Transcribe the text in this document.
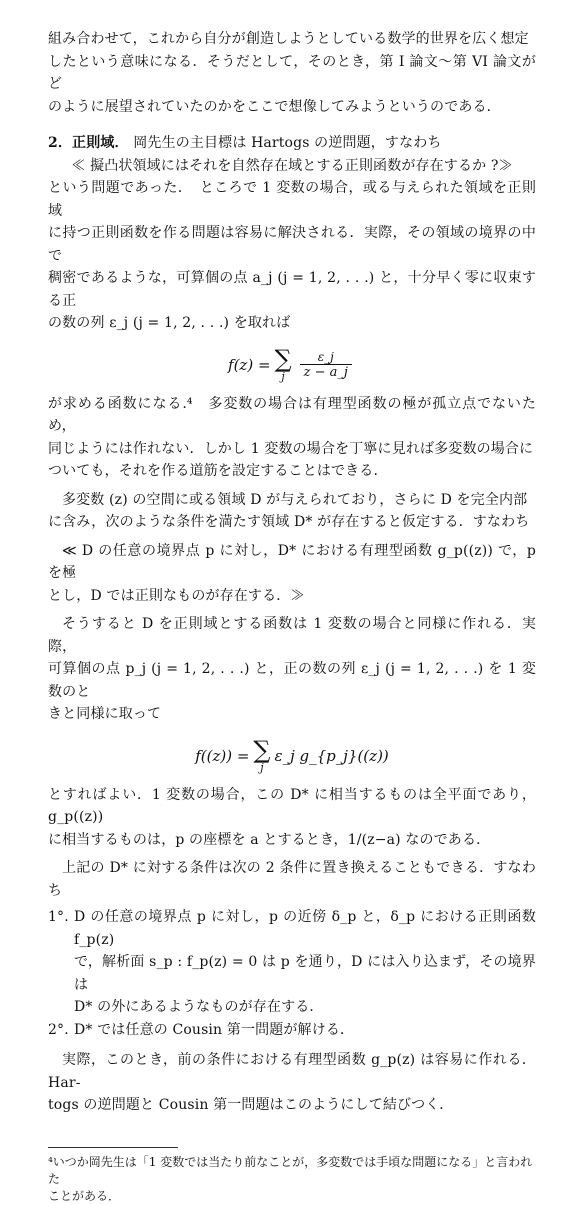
組み合わせて，これから自分が創造しようとしている数学的世界を広く想定
したという意味になる．そうだとして，そのとき，第 I 論文〜第 VI 論文がど
のように展望されていたのかをここで想像してみようというのである．
2．正則域． 岡先生の主目標は Hartogs の逆問題，すなわち
≪ 擬凸状領域にはそれを自然存在域とする正則函数が存在するか ?≫
という問題であった．　ところで 1 変数の場合，或る与えられた領域を正則域
に持つ正則函数を作る問題は容易に解決される．実際，その領域の境界の中で
稠密であるような，可算個の点 a_j (j = 1, 2, . . .) と，十分早く零に収束する正
の数の列 ε_j (j = 1, 2, . . .) を取れば
f(z) = ∑
j $\frac{\varepsilon\_j}{z - a\_j}$
が求める函数になる.⁴　多変数の場合は有理型函数の極が孤立点でないため，
同じようには作れない．しかし 1 変数の場合を丁寧に見れば多変数の場合に
ついても，それを作る道筋を設定することはできる．
多変数 (z) の空間に或る領域 D が与えられており，さらに D を完全内部
に含み，次のような条件を満たす領域 D* が存在すると仮定する．すなわち
≪ D の任意の境界点 p に対し，D* における有理型函数 g_p((z)) で，p を極
とし，D では正則なものが存在する．≫
そうすると D を正則域とする函数は 1 変数の場合と同様に作れる．実際，
可算個の点 p_j (j = 1, 2, . . .) と，正の数の列 ε_j (j = 1, 2, . . .) を 1 変数のと
きと同様に取って
f((z)) = ∑
j
ε_j g_{p_j}((z))
とすればよい．1 変数の場合，この D* に相当するものは全平面であり，g_p((z))
に相当するものは，p の座標を a とするとき，1/(z−a) なのである．
上記の D* に対する条件は次の 2 条件に置き換えることもできる．すなわち
1°. D の任意の境界点 p に対し，p の近傍 δ_p と，δ_p における正則函数 f_p(z)
で，解析面 s_p : f_p(z) = 0 は p を通り，D には入り込まず，その境界は
D* の外にあるようなものが存在する．
2°. D* では任意の Cousin 第一問題が解ける．
実際，このとき，前の条件における有理型函数 g_p(z) は容易に作れる．Har-
togs の逆問題と Cousin 第一問題はこのようにして結びつく．
⁴いつか岡先生は「1 変数では当たり前なことが，多変数では手頃な問題になる」と言われた
ことがある．
